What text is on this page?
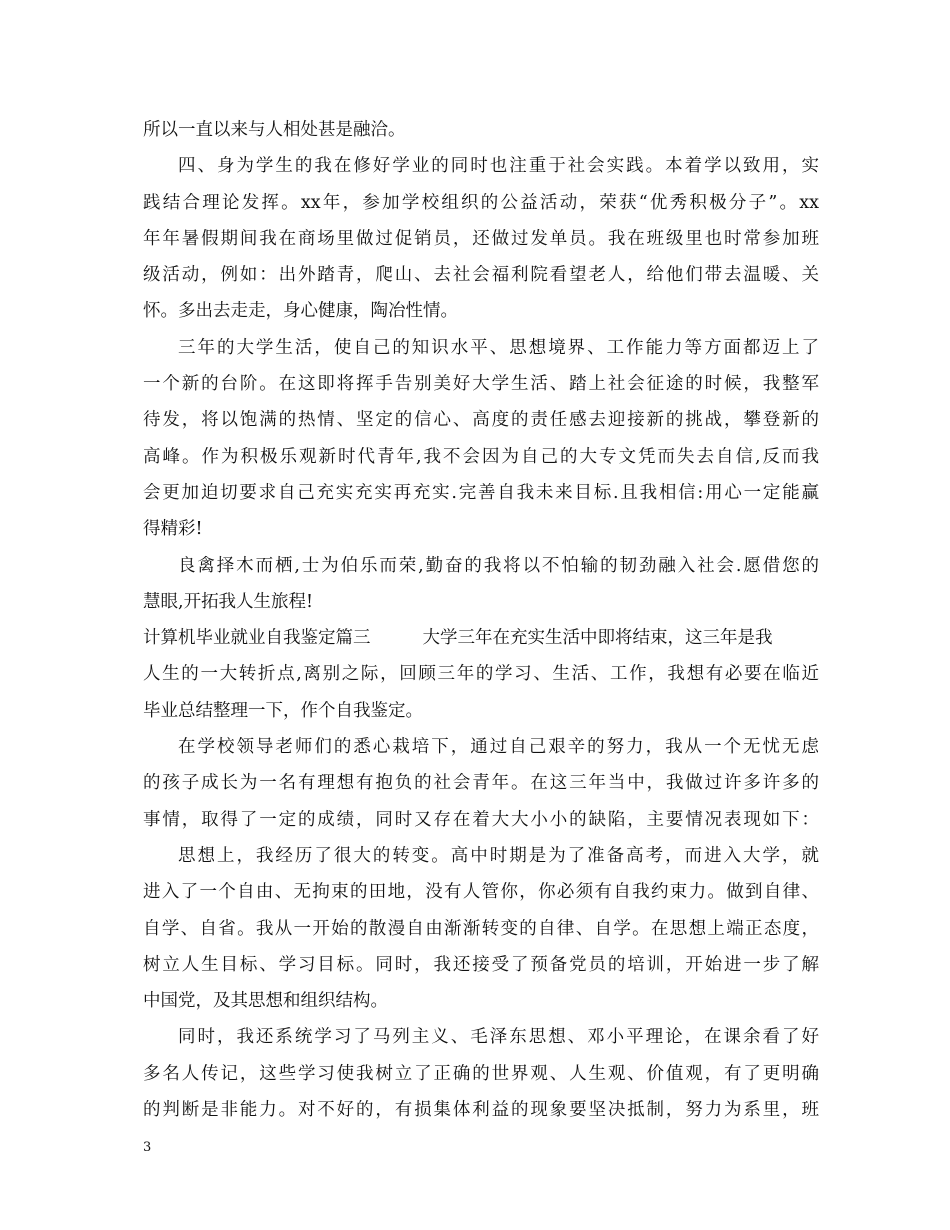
所以一直以来与人相处甚是融洽。
四、身为学生的我在修好学业的同时也注重于社会实践。本着学以致用，实
践结合理论发挥。xx年，参加学校组织的公益活动，荣获“优秀积极分子”。xx
年年暑假期间我在商场里做过促销员，还做过发单员。我在班级里也时常参加班
级活动，例如：出外踏青，爬山、去社会福利院看望老人，给他们带去温暖、关
怀。多出去走走，身心健康，陶冶性情。
三年的大学生活，使自己的知识水平、思想境界、工作能力等方面都迈上了
一个新的台阶。在这即将挥手告别美好大学生活、踏上社会征途的时候，我整军
待发，将以饱满的热情、坚定的信心、高度的责任感去迎接新的挑战，攀登新的
高峰。作为积极乐观新时代青年,我不会因为自己的大专文凭而失去自信,反而我
会更加迫切要求自己充实充实再充实.完善自我未来目标.且我相信:用心一定能赢
得精彩!
良禽择木而栖,士为伯乐而荣,勤奋的我将以不怕输的韧劲融入社会.愿借您的
慧眼,开拓我人生旅程!
计算机毕业就业自我鉴定篇三	大学三年在充实生活中即将结束，这三年是我
人生的一大转折点,离别之际，回顾三年的学习、生活、工作，我想有必要在临近
毕业总结整理一下，作个自我鉴定。
在学校领导老师们的悉心栽培下，通过自己艰辛的努力，我从一个无忧无虑
的孩子成长为一名有理想有抱负的社会青年。在这三年当中，我做过许多许多的
事情，取得了一定的成绩，同时又存在着大大小小的缺陷，主要情况表现如下：
思想上，我经历了很大的转变。高中时期是为了准备高考，而进入大学，就
进入了一个自由、无拘束的田地，没有人管你，你必须有自我约束力。做到自律、
自学、自省。我从一开始的散漫自由渐渐转变的自律、自学。在思想上端正态度，
树立人生目标、学习目标。同时，我还接受了预备党员的培训，开始进一步了解
中国党，及其思想和组织结构。
同时，我还系统学习了马列主义、毛泽东思想、邓小平理论，在课余看了好
多名人传记，这些学习使我树立了正确的世界观、人生观、价值观，有了更明确
的判断是非能力。对不好的，有损集体利益的现象要坚决抵制，努力为系里，班
3
